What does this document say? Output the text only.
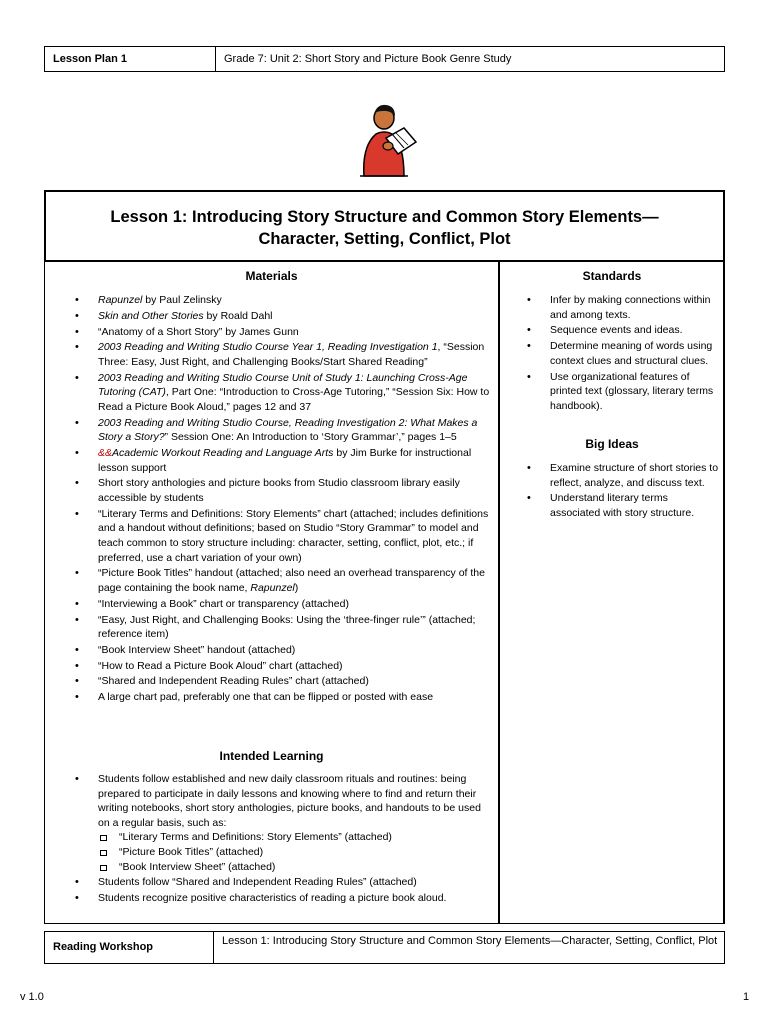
Lesson Plan 1	Grade 7: Unit 2: Short Story and Picture Book Genre Study
Lesson 1: Introducing Story Structure and Common Story Elements—
Character, Setting, Conflict, Plot
Materials
• Rapunzel by Paul Zelinsky
• Skin and Other Stories by Roald Dahl
• “Anatomy of a Short Story” by James Gunn
• 2003 Reading and Writing Studio Course Year 1, Reading Investigation 1, “Session Three: Easy, Just Right, and Challenging Books/Start Shared Reading”
• 2003 Reading and Writing Studio Course Unit of Study 1: Launching Cross-Age Tutoring (CAT), Part One: “Introduction to Cross-Age Tutoring,” “Session Six: How to Read a Picture Book Aloud,” pages 12 and 37
• 2003 Reading and Writing Studio Course, Reading Investigation 2: What Makes a Story a Story?” Session One: An Introduction to ‘Story Grammar’,” pages 1–5
• &&Academic Workout Reading and Language Arts by Jim Burke for instructional lesson support
• Short story anthologies and picture books from Studio classroom library easily accessible by students
• “Literary Terms and Definitions: Story Elements” chart (attached; includes definitions and a handout without definitions; based on Studio “Story Grammar” to model and teach common to story structure including: character, setting, conflict, plot, etc.; if preferred, use a chart variation of your own)
• “Picture Book Titles” handout (attached; also need an overhead transparency of the page containing the book name, Rapunzel)
• “Interviewing a Book” chart or transparency (attached)
• “Easy, Just Right, and Challenging Books: Using the ‘three-finger rule’” (attached; reference item)
• “Book Interview Sheet” handout (attached)
• “How to Read a Picture Book Aloud” chart (attached)
• “Shared and Independent Reading Rules” chart (attached)
• A large chart pad, preferably one that can be flipped or posted with ease
Intended Learning
• Students follow established and new daily classroom rituals and routines: being prepared to participate in daily lessons and knowing where to find and return their writing notebooks, short story anthologies, picture books, and handouts to be used on a regular basis, such as:
“Literary Terms and Definitions: Story Elements” (attached)
“Picture Book Titles” (attached)
“Book Interview Sheet” (attached)
• Students follow “Shared and Independent Reading Rules” (attached)
• Students recognize positive characteristics of reading a picture book aloud.
Standards
• Infer by making connections within and among texts.
• Sequence events and ideas.
• Determine meaning of words using context clues and structural clues.
• Use organizational features of printed text (glossary, literary terms handbook).
Big Ideas
• Examine structure of short stories to reflect, analyze, and discuss text.
• Understand literary terms associated with story structure.
Reading Workshop	Lesson 1: Introducing Story Structure and Common Story Elements—Character, Setting, Conflict, Plot
v 1.0	1
